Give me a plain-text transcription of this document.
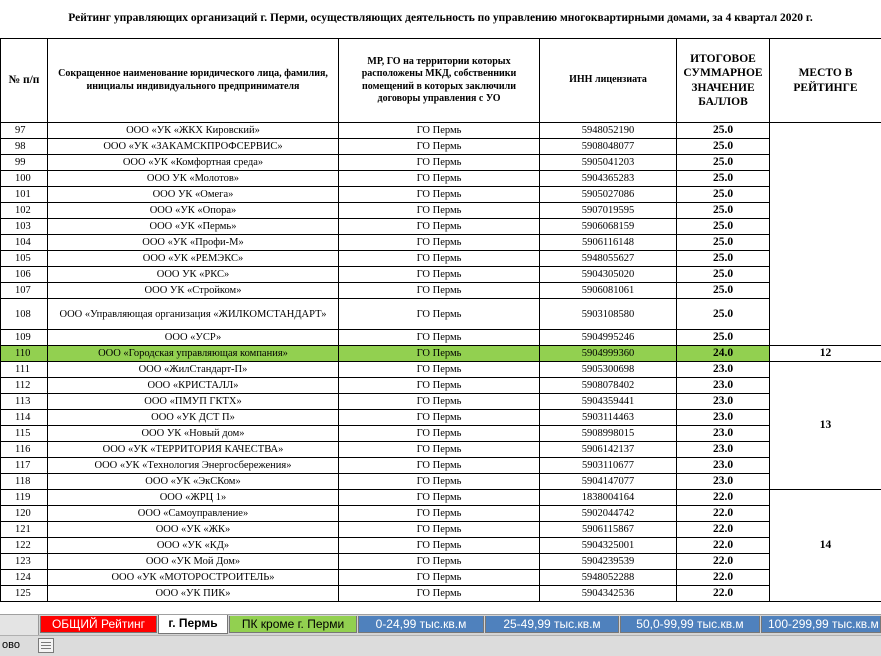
Рейтинг управляющих организаций г. Перми, осуществляющих деятельность по управлению многоквартирными домами, за 4 квартал 2020 г.
№ п/п	Сокращенное наименование юридического лица, фамилия, инициалы индивидуального предпринимателя	МР, ГО на территории которых расположены МКД, собственники помещений в которых заключили договоры управления с УО	ИНН лицензиата	ИТОГОВОЕ СУММАРНОЕ ЗНАЧЕНИЕ БАЛЛОВ	МЕСТО В РЕЙТИНГЕ
97	ООО «УК «ЖКХ Кировский»	ГО Пермь	5948052190	25.0	
98	ООО «УК «ЗАКАМСКПРОФСЕРВИС»	ГО Пермь	5908048077	25.0	
99	ООО «УК «Комфортная среда»	ГО Пермь	5905041203	25.0	
100	ООО УК «Молотов»	ГО Пермь	5904365283	25.0	
101	ООО УК «Омега»	ГО Пермь	5905027086	25.0	
102	ООО «УК «Опора»	ГО Пермь	5907019595	25.0	
103	ООО «УК «Пермь»	ГО Пермь	5906068159	25.0	
104	ООО «УК «Профи-М»	ГО Пермь	5906116148	25.0	
105	ООО «УК «РЕМЭКС»	ГО Пермь	5948055627	25.0	
106	ООО УК «РКС»	ГО Пермь	5904305020	25.0	
107	ООО УК «Стройком»	ГО Пермь	5906081061	25.0	
108	ООО «Управляющая организация «ЖИЛКОМСТАНДАРТ»	ГО Пермь	5903108580	25.0	
109	ООО «УСР»	ГО Пермь	5904995246	25.0	
110	ООО «Городская управляющая компания»	ГО Пермь	5904999360	24.0	12
111	ООО «ЖилСтандарт-П»	ГО Пермь	5905300698	23.0	13
112	ООО «КРИСТАЛЛ»	ГО Пермь	5908078402	23.0	
113	ООО «ПМУП ГКТХ»	ГО Пермь	5904359441	23.0	
114	ООО «УК ДСТ П»	ГО Пермь	5903114463	23.0	
115	ООО УК «Новый дом»	ГО Пермь	5908998015	23.0	
116	ООО «УК «ТЕРРИТОРИЯ КАЧЕСТВА»	ГО Пермь	5906142137	23.0	
117	ООО «УК «Технология Энергосбережения»	ГО Пермь	5903110677	23.0	
118	ООО «УК «ЭкСКом»	ГО Пермь	5904147077	23.0	
119	ООО «ЖРЦ 1»	ГО Пермь	1838004164	22.0	14
120	ООО «Самоуправление»	ГО Пермь	5902044742	22.0	
121	ООО «УК «ЖК»	ГО Пермь	5906115867	22.0	
122	ООО «УК «КД»	ГО Пермь	5904325001	22.0	
123	ООО «УК Мой Дом»	ГО Пермь	5904239539	22.0	
124	ООО «УК «МОТОРОСТРОИТЕЛЬ»	ГО Пермь	5948052288	22.0	
125	ООО «УК ПИК»	ГО Пермь	5904342536	22.0	
ОБЩИЙ Рейтинг	г. Пермь	ПК кроме г. Перми	0-24,99 тыс.кв.м	25-49,99 тыс.кв.м	50,0-99,99 тыс.кв.м	100-299,99 тыс.кв.м
ово
